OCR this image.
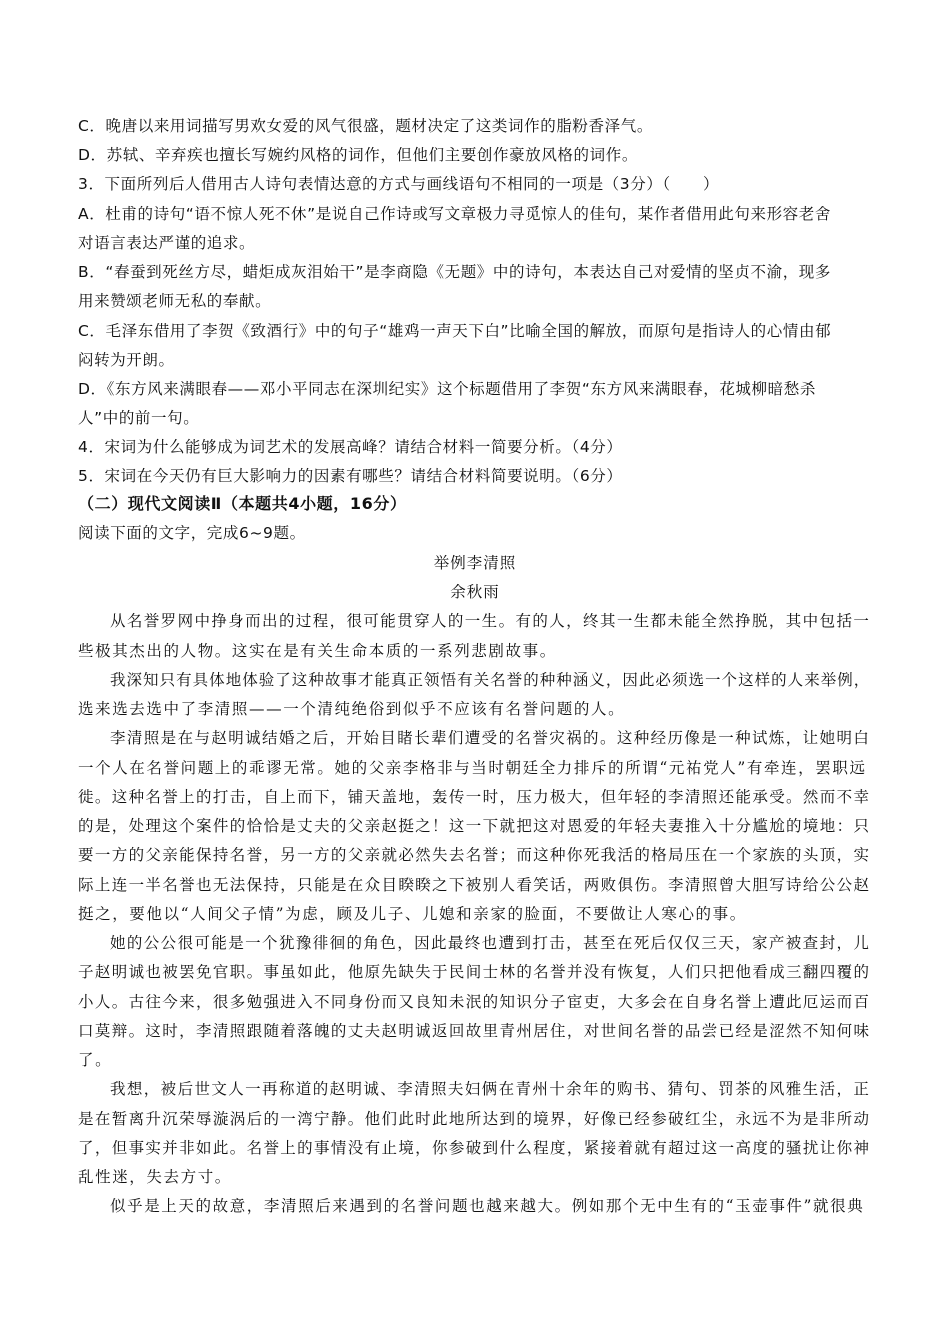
C．晚唐以来用词描写男欢女爱的风气很盛，题材决定了这类词作的脂粉香泽气。
D．苏轼、辛弃疾也擅长写婉约风格的词作，但他们主要创作豪放风格的词作。
3．下面所列后人借用古人诗句表情达意的方式与画线语句不相同的一项是（3分）（　　）
A．杜甫的诗句“语不惊人死不休”是说自己作诗或写文章极力寻觅惊人的佳句，某作者借用此句来形容老舍
对语言表达严谨的追求。
B．“春蚕到死丝方尽，蜡炬成灰泪始干”是李商隐《无题》中的诗句，本表达自己对爱情的坚贞不渝，现多
用来赞颂老师无私的奉献。
C．毛泽东借用了李贺《致酒行》中的句子“雄鸡一声天下白”比喻全国的解放，而原句是指诗人的心情由郁
闷转为开朗。
D．《东方风来满眼春——邓小平同志在深圳纪实》这个标题借用了李贺“东方风来满眼春，花城柳暗愁杀
人”中的前一句。
4．宋词为什么能够成为词艺术的发展高峰？请结合材料一简要分析。（4分）
5．宋词在今天仍有巨大影响力的因素有哪些？请结合材料简要说明。（6分）
（二）现代文阅读Ⅱ（本题共4小题，16分）
阅读下面的文字，完成6~9题。
举例李清照
余秋雨
从名誉罗网中挣身而出的过程，很可能贯穿人的一生。有的人，终其一生都未能全然挣脱，其中包括一
些极其杰出的人物。这实在是有关生命本质的一系列悲剧故事。
我深知只有具体地体验了这种故事才能真正领悟有关名誉的种种涵义，因此必须选一个这样的人来举例，
选来选去选中了李清照——一个清纯绝俗到似乎不应该有名誉问题的人。
李清照是在与赵明诚结婚之后，开始目睹长辈们遭受的名誉灾祸的。这种经历像是一种试炼，让她明白
一个人在名誉问题上的乖谬无常。她的父亲李格非与当时朝廷全力排斥的所谓“元祐党人”有牵连，罢职远
徙。这种名誉上的打击，自上而下，铺天盖地，轰传一时，压力极大，但年轻的李清照还能承受。然而不幸
的是，处理这个案件的恰恰是丈夫的父亲赵挺之！这一下就把这对恩爱的年轻夫妻推入十分尴尬的境地：只
要一方的父亲能保持名誉，另一方的父亲就必然失去名誉；而这种你死我活的格局压在一个家族的头顶，实
际上连一半名誉也无法保持，只能是在众目睽睽之下被别人看笑话，两败俱伤。李清照曾大胆写诗给公公赵
挺之，要他以“人间父子情”为虑，顾及儿子、儿媳和亲家的脸面，不要做让人寒心的事。
她的公公很可能是一个犹豫徘徊的角色，因此最终也遭到打击，甚至在死后仅仅三天，家产被查封，儿
子赵明诚也被罢免官职。事虽如此，他原先缺失于民间士林的名誉并没有恢复，人们只把他看成三翻四覆的
小人。古往今来，很多勉强进入不同身份而又良知未泯的知识分子宦吏，大多会在自身名誉上遭此厄运而百
口莫辩。这时，李清照跟随着落魄的丈夫赵明诚返回故里青州居住，对世间名誉的品尝已经是涩然不知何味
了。
我想，被后世文人一再称道的赵明诚、李清照夫妇俩在青州十余年的购书、猜句、罚茶的风雅生活，正
是在暂离升沉荣辱漩涡后的一湾宁静。他们此时此地所达到的境界，好像已经参破红尘，永远不为是非所动
了，但事实并非如此。名誉上的事情没有止境，你参破到什么程度，紧接着就有超过这一高度的骚扰让你神
乱性迷，失去方寸。
似乎是上天的故意，李清照后来遇到的名誉问题也越来越大。例如那个无中生有的“玉壶事件”就很典
